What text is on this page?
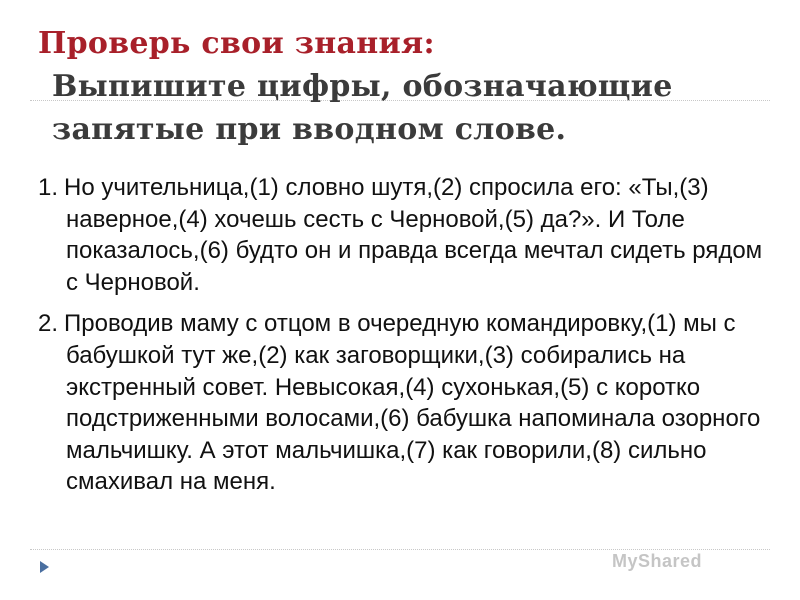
Проверь свои знания:
Выпишите цифры, обозначающие запятые при вводном слове.

1. Но учительница,(1) словно шутя,(2) спросила его: «Ты,(3) наверное,(4) хочешь сесть с Черновой,(5) да?». И Толе показалось,(6) будто он и правда всегда мечтал сидеть рядом с Черновой.

2. Проводив маму с отцом в очередную командировку,(1) мы с бабушкой тут же,(2) как заговорщики,(3) собирались на экстренный совет. Невысокая,(4) сухонькая,(5) с коротко подстриженными волосами,(6) бабушка напоминала озорного мальчишку. А этот мальчишка,(7) как говорили,(8) сильно смахивал на меня.

MyShared
